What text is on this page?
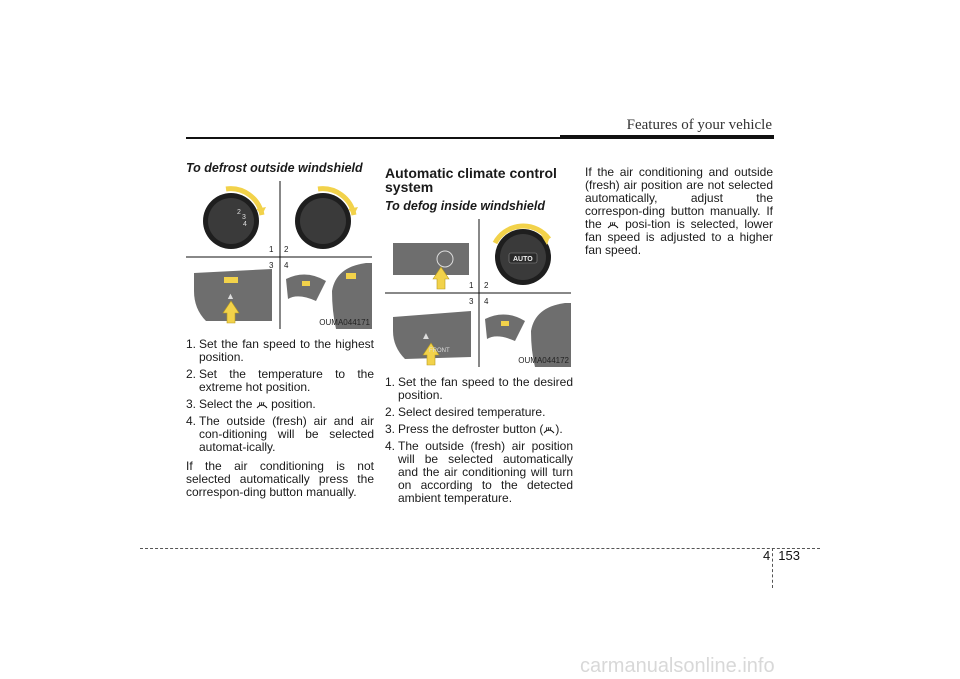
Features of your vehicle
To defrost outside windshield
2
3
4
▲
1 2
3 4
OUMA044171
1. Set the fan speed to the highest position.
2. Set the temperature to the extreme hot position.
3. Select the position.
4. The outside (fresh) air and air con-ditioning will be selected automat-ically.

If the air conditioning is not selected automatically press the correspon-ding button manually.

Automatic climate control system
To defog inside windshield
▲
AUTO
FRONT
1 2
3 4
OUMA044172
1. Set the fan speed to the desired position.
2. Select desired temperature.
3. Press the defroster button ( ).
4. The outside (fresh) air position will be selected automatically and the air conditioning will turn on according to the detected ambient temperature.

If the air conditioning and outside (fresh) air position are not selected automatically, adjust the correspon-ding button manually. If the posi-tion is selected, lower fan speed is adjusted to a higher fan speed.

4 153
carmanualsonline.info
